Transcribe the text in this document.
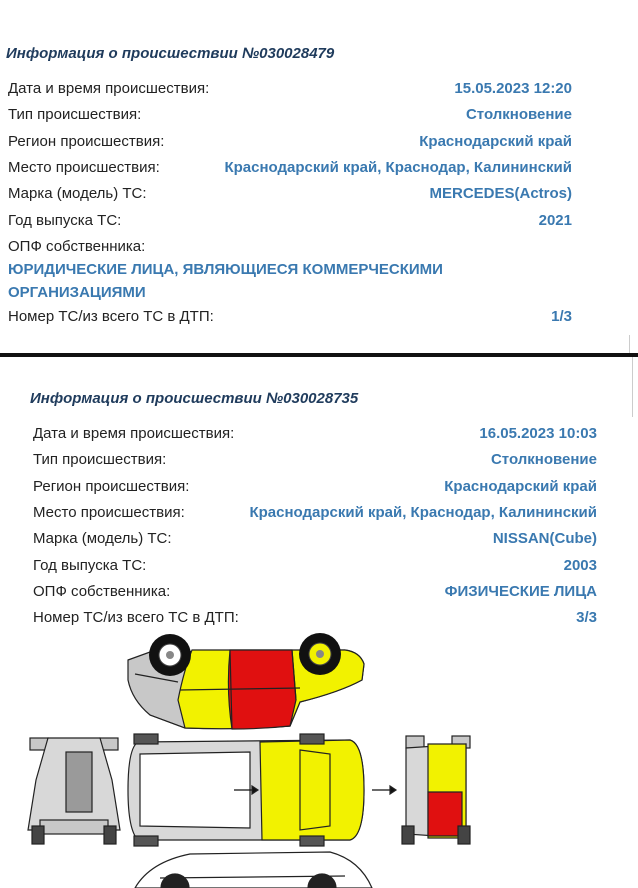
Информация о происшествии №030028479
Дата и время происшествия:	15.05.2023 12:20
Тип происшествия:	Столкновение
Регион происшествия:	Краснодарский край
Место происшествия:	Краснодарский край, Краснодар, Калининский
Марка (модель) ТС:	MERCEDES(Actros)
Год выпуска ТС:	2021
ОПФ собственника:
ЮРИДИЧЕСКИЕ ЛИЦА, ЯВЛЯЮЩИЕСЯ КОММЕРЧЕСКИМИ
ОРГАНИЗАЦИЯМИ
Номер ТС/из всего ТС в ДТП:	1/3
Информация о происшествии №030028735
Дата и время происшествия:	16.05.2023 10:03
Тип происшествия:	Столкновение
Регион происшествия:	Краснодарский край
Место происшествия:	Краснодарский край, Краснодар, Калининский
Марка (модель) ТС:	NISSAN(Cube)
Год выпуска ТС:	2003
ОПФ собственника:	ФИЗИЧЕСКИЕ ЛИЦА
Номер ТС/из всего ТС в ДТП:	3/3
